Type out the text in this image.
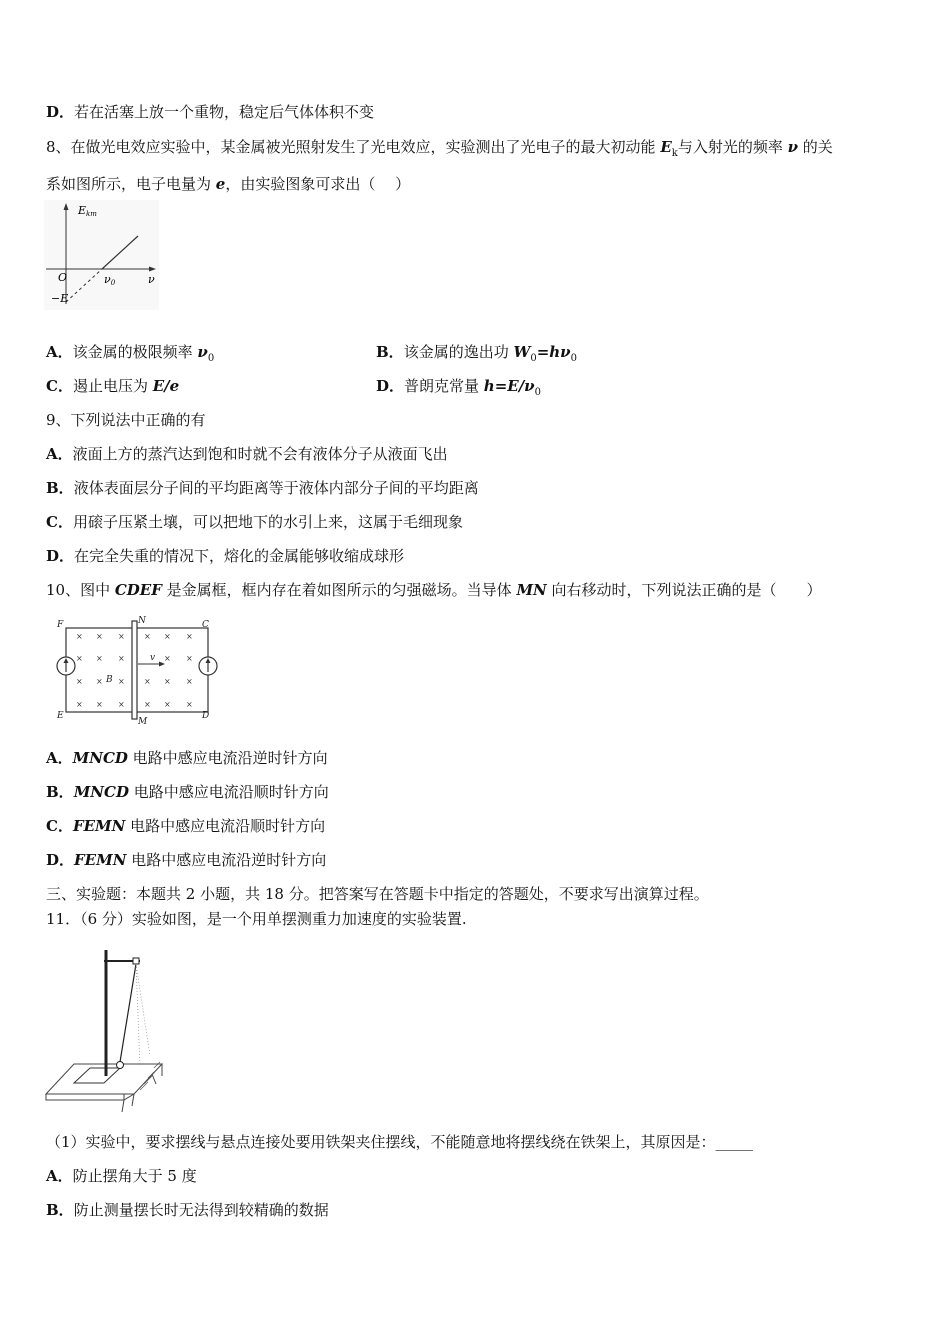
D．若在活塞上放一个重物，稳定后气体体积不变
8、在做光电效应实验中，某金属被光照射发生了光电效应，实验测出了光电子的最大初动能 $E_k$与入射光的频率 ν 的关
系如图所示，电子电量为 e，由实验图象可求出（　 ）
Ekm
ν
O	ν0
−E
A．该金属的极限频率 $\nu_0$	B．该金属的逸出功 $W_0=h\nu_0$
C．遏止电压为 E/e	D．普朗克常量 $h=E/\nu_0$
9、下列说法中正确的有
A．液面上方的蒸汽达到饱和时就不会有液体分子从液面飞出
B．液体表面层分子间的平均距离等于液体内部分子间的平均距离
C．用磙子压紧土壤，可以把地下的水引上来，这属于毛细现象
D．在完全失重的情况下，熔化的金属能够收缩成球形
10、图中 CDEF 是金属框，框内存在着如图所示的匀强磁场。当导体 MN 向右移动时，下列说法正确的是（　　）
× × × × × ×
× × ×	× ×
× × × × × ×
× × × × × ×
F	N	C
E
M
D
B
v
A．MNCD 电路中感应电流沿逆时针方向
B．MNCD 电路中感应电流沿顺时针方向
C．FEMN 电路中感应电流沿顺时针方向
D．FEMN 电路中感应电流沿逆时针方向
三、实验题：本题共 2 小题，共 18 分。把答案写在答题卡中指定的答题处，不要求写出演算过程。
11．（6 分）实验如图，是一个用单摆测重力加速度的实验装置.
（1）实验中，要求摆线与悬点连接处要用铁架夹住摆线，不能随意地将摆线绕在铁架上，其原因是：_____
A．防止摆角大于 5 度
B．防止测量摆长时无法得到较精确的数据
